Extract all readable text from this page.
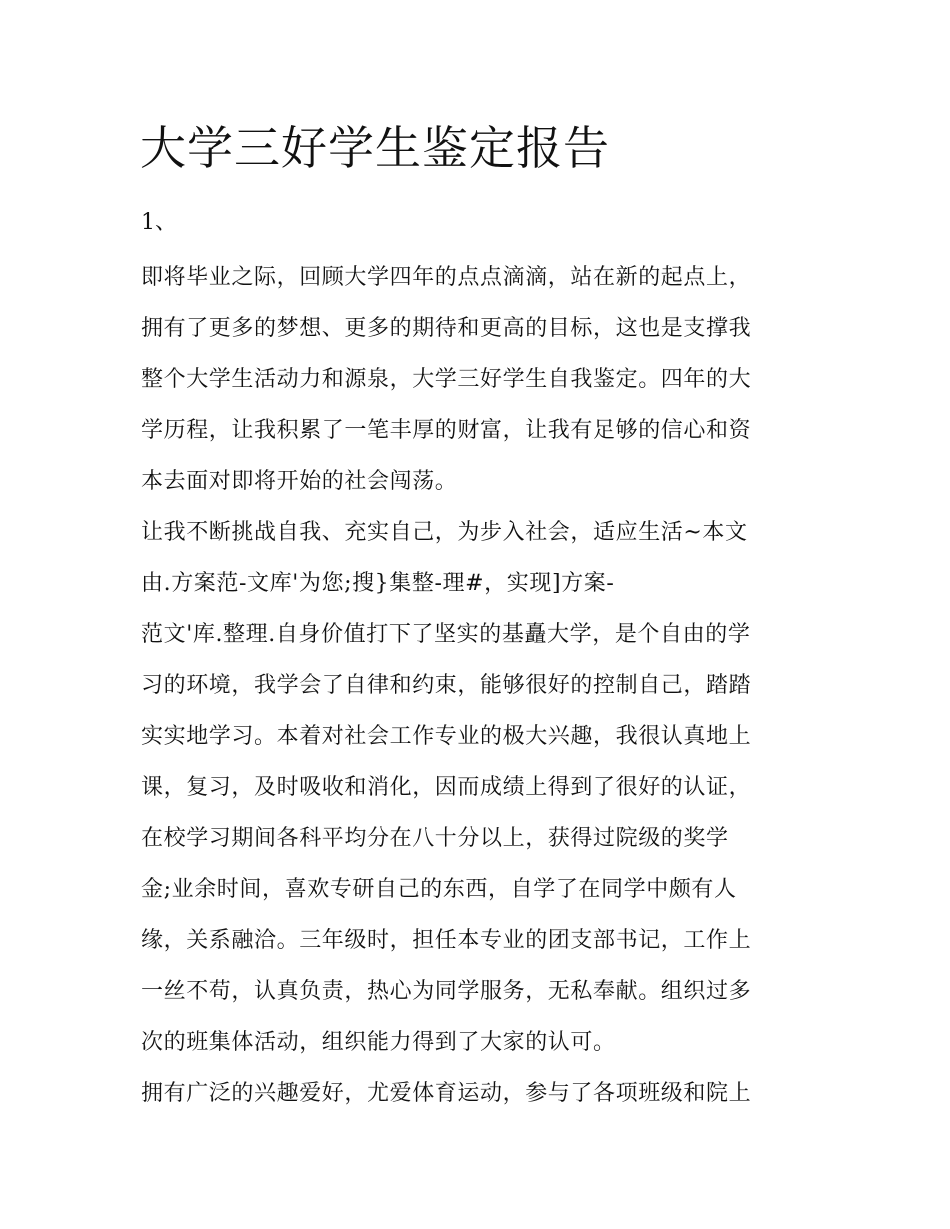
大学三好学生鉴定报告
1、
即将毕业之际，回顾大学四年的点点滴滴，站在新的起点上，
拥有了更多的梦想、更多的期待和更高的目标，这也是支撑我
整个大学生活动力和源泉，大学三好学生自我鉴定。四年的大
学历程，让我积累了一笔丰厚的财富，让我有足够的信心和资
本去面对即将开始的社会闯荡。
让我不断挑战自我、充实自己，为步入社会，适应生活~本文
由.方案范-文库'为您;搜}集整-理#，实现]方案-
范文'库.整理.自身价值打下了坚实的基矗大学，是个自由的学
习的环境，我学会了自律和约束，能够很好的控制自己，踏踏
实实地学习。本着对社会工作专业的极大兴趣，我很认真地上
课，复习，及时吸收和消化，因而成绩上得到了很好的认证，
在校学习期间各科平均分在八十分以上，获得过院级的奖学
金;业余时间，喜欢专研自己的东西，自学了在同学中颇有人
缘，关系融洽。三年级时，担任本专业的团支部书记，工作上
一丝不苟，认真负责，热心为同学服务，无私奉献。组织过多
次的班集体活动，组织能力得到了大家的认可。
拥有广泛的兴趣爱好，尤爱体育运动，参与了各项班级和院上
